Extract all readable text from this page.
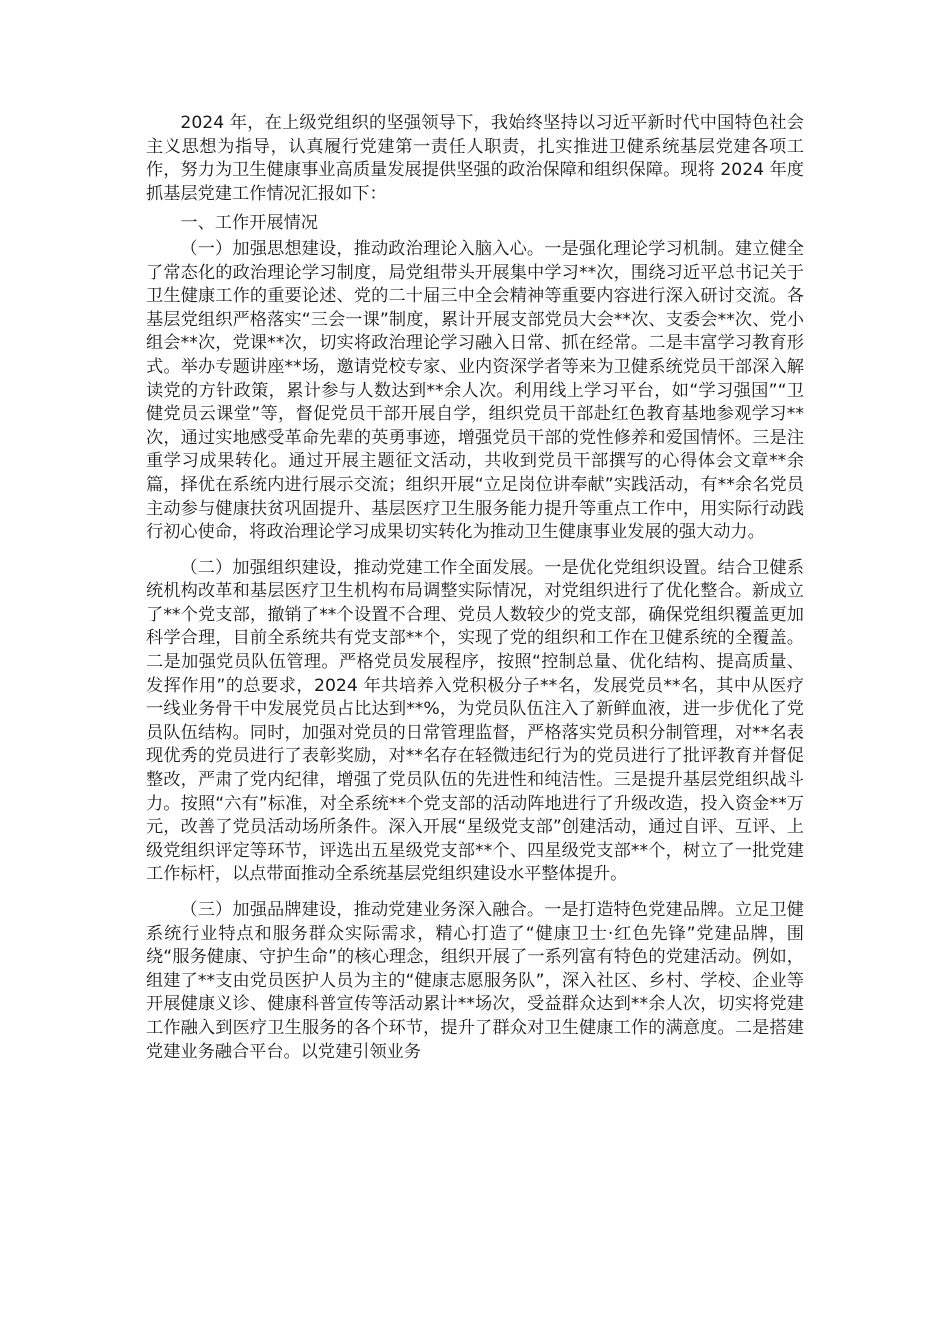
2024 年，在上级党组织的坚强领导下，我始终坚持以习近平新时代中国特色社会主义思想为指导，认真履行党建第一责任人职责，扎实推进卫健系统基层党建各项工作，努力为卫生健康事业高质量发展提供坚强的政治保障和组织保障。现将 2024 年度抓基层党建工作情况汇报如下：

一、工作开展情况

（一）加强思想建设，推动政治理论入脑入心。一是强化理论学习机制。建立健全了常态化的政治理论学习制度，局党组带头开展集中学习**次，围绕习近平总书记关于卫生健康工作的重要论述、党的二十届三中全会精神等重要内容进行深入研讨交流。各基层党组织严格落实“三会一课”制度，累计开展支部党员大会**次、支委会**次、党小组会**次，党课**次，切实将政治理论学习融入日常、抓在经常。二是丰富学习教育形式。举办专题讲座**场，邀请党校专家、业内资深学者等来为卫健系统党员干部深入解读党的方针政策，累计参与人数达到**余人次。利用线上学习平台，如“学习强国”“卫健党员云课堂”等，督促党员干部开展自学，组织党员干部赴红色教育基地参观学习**次，通过实地感受革命先辈的英勇事迹，增强党员干部的党性修养和爱国情怀。三是注重学习成果转化。通过开展主题征文活动，共收到党员干部撰写的心得体会文章**余篇，择优在系统内进行展示交流；组织开展“立足岗位讲奉献”实践活动，有**余名党员主动参与健康扶贫巩固提升、基层医疗卫生服务能力提升等重点工作中，用实际行动践行初心使命，将政治理论学习成果切实转化为推动卫生健康事业发展的强大动力。

（二）加强组织建设，推动党建工作全面发展。一是优化党组织设置。结合卫健系统机构改革和基层医疗卫生机构布局调整实际情况，对党组织进行了优化整合。新成立了**个党支部，撤销了**个设置不合理、党员人数较少的党支部，确保党组织覆盖更加科学合理，目前全系统共有党支部**个，实现了党的组织和工作在卫健系统的全覆盖。二是加强党员队伍管理。严格党员发展程序，按照“控制总量、优化结构、提高质量、发挥作用”的总要求，2024 年共培养入党积极分子**名，发展党员**名，其中从医疗一线业务骨干中发展党员占比达到**%，为党员队伍注入了新鲜血液，进一步优化了党员队伍结构。同时，加强对党员的日常管理监督，严格落实党员积分制管理，对**名表现优秀的党员进行了表彰奖励，对**名存在轻微违纪行为的党员进行了批评教育并督促整改，严肃了党内纪律，增强了党员队伍的先进性和纯洁性。三是提升基层党组织战斗力。按照“六有”标准，对全系统**个党支部的活动阵地进行了升级改造，投入资金**万元，改善了党员活动场所条件。深入开展“星级党支部”创建活动，通过自评、互评、上级党组织评定等环节，评选出五星级党支部**个、四星级党支部**个，树立了一批党建工作标杆，以点带面推动全系统基层党组织建设水平整体提升。

（三）加强品牌建设，推动党建业务深入融合。一是打造特色党建品牌。立足卫健系统行业特点和服务群众实际需求，精心打造了“健康卫士·红色先锋”党建品牌，围绕“服务健康、守护生命”的核心理念，组织开展了一系列富有特色的党建活动。例如，组建了**支由党员医护人员为主的“健康志愿服务队”，深入社区、乡村、学校、企业等开展健康义诊、健康科普宣传等活动累计**场次，受益群众达到**余人次，切实将党建工作融入到医疗卫生服务的各个环节，提升了群众对卫生健康工作的满意度。二是搭建党建业务融合平台。以党建引领业务
